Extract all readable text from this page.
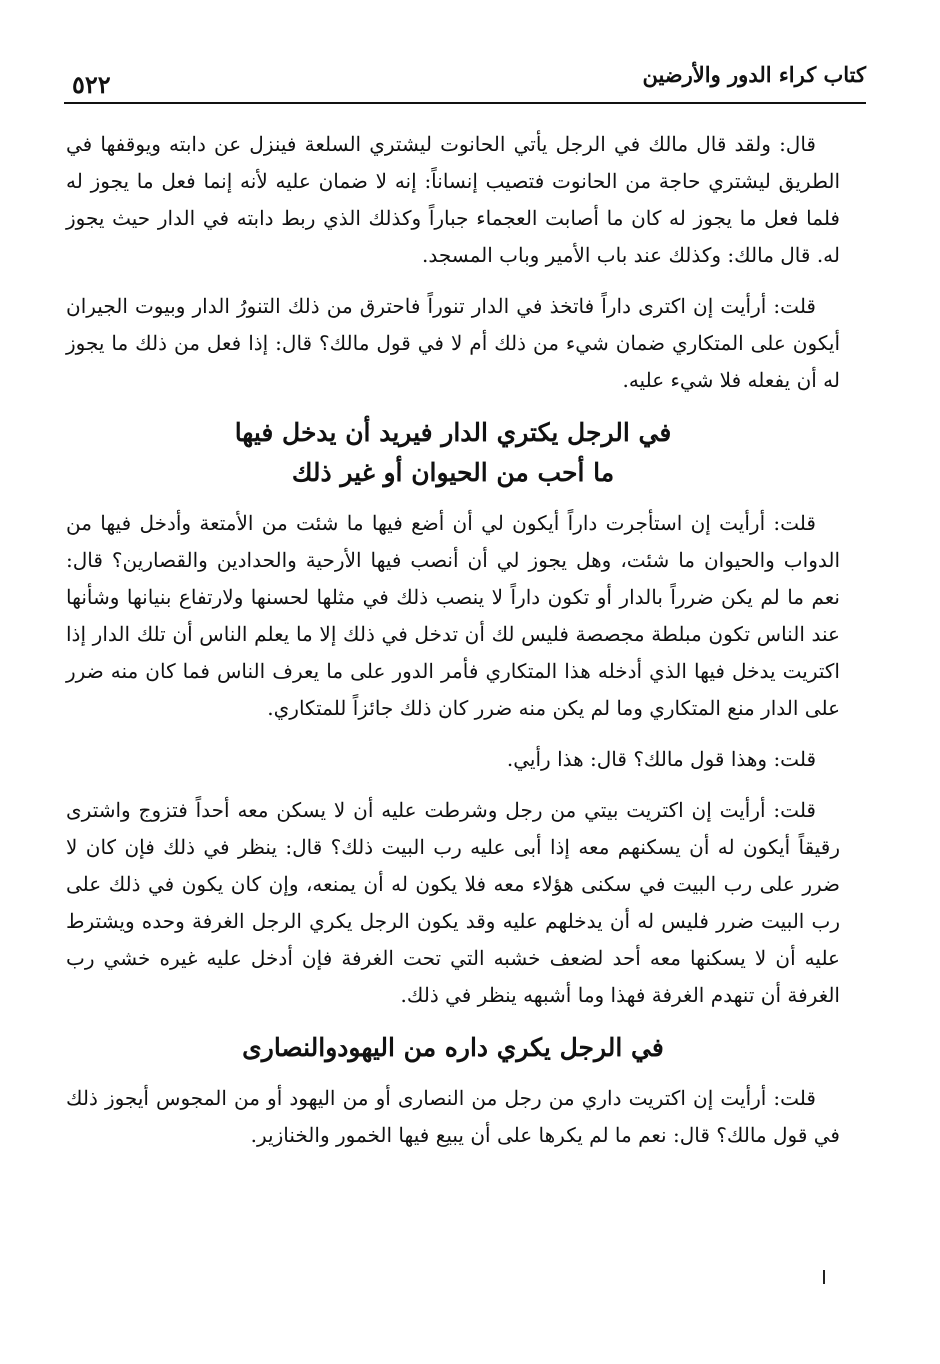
كتاب كراء الدور والأرضين
٥٢٢

قال: ولقد قال مالك في الرجل يأتي الحانوت ليشتري السلعة فينزل عن دابته ويوقفها في الطريق ليشتري حاجة من الحانوت فتصيب إنساناً: إنه لا ضمان عليه لأنه إنما فعل ما يجوز له فلما فعل ما يجوز له كان ما أصابت العجماء جباراً وكذلك الذي ربط دابته في الدار حيث يجوز له. قال مالك: وكذلك عند باب الأمير وباب المسجد.

قلت: أرأيت إن اكترى داراً فاتخذ في الدار تنوراً فاحترق من ذلك التنورُ الدار وبيوت الجيران أيكون على المتكاري ضمان شيء من ذلك أم لا في قول مالك؟ قال: إذا فعل من ذلك ما يجوز له أن يفعله فلا شيء عليه.

في الرجل يكتري الدار فيريد أن يدخل فيها
ما أحب من الحيوان أو غير ذلك

قلت: أرأيت إن استأجرت داراً أيكون لي أن أضع فيها ما شئت من الأمتعة وأدخل فيها من الدواب والحيوان ما شئت، وهل يجوز لي أن أنصب فيها الأرحية والحدادين والقصارين؟ قال: نعم ما لم يكن ضرراً بالدار أو تكون داراً لا ينصب ذلك في مثلها لحسنها ولارتفاع بنيانها وشأنها عند الناس تكون مبلطة مجصصة فليس لك أن تدخل في ذلك إلا ما يعلم الناس أن تلك الدار إذا اكتريت يدخل فيها الذي أدخله هذا المتكاري فأمر الدور على ما يعرف الناس فما كان منه ضرر على الدار منع المتكاري وما لم يكن منه ضرر كان ذلك جائزاً للمتكاري.

قلت: وهذا قول مالك؟ قال: هذا رأيي.

قلت: أرأيت إن اكتريت بيتي من رجل وشرطت عليه أن لا يسكن معه أحداً فتزوج واشترى رقيقاً أيكون له أن يسكنهم معه إذا أبى عليه رب البيت ذلك؟ قال: ينظر في ذلك فإن كان لا ضرر على رب البيت في سكنى هؤلاء معه فلا يكون له أن يمنعه، وإن كان يكون في ذلك على رب البيت ضرر فليس له أن يدخلهم عليه وقد يكون الرجل يكري الرجل الغرفة وحده ويشترط عليه أن لا يسكنها معه أحد لضعف خشبه التي تحت الغرفة فإن أدخل عليه غيره خشي رب الغرفة أن تنهدم الغرفة فهذا وما أشبهه ينظر في ذلك.

في الرجل يكري داره من اليهودوالنصارى

قلت: أرأيت إن اكتريت داري من رجل من النصارى أو من اليهود أو من المجوس أيجوز ذلك في قول مالك؟ قال: نعم ما لم يكرها على أن يبيع فيها الخمور والخنازير.
